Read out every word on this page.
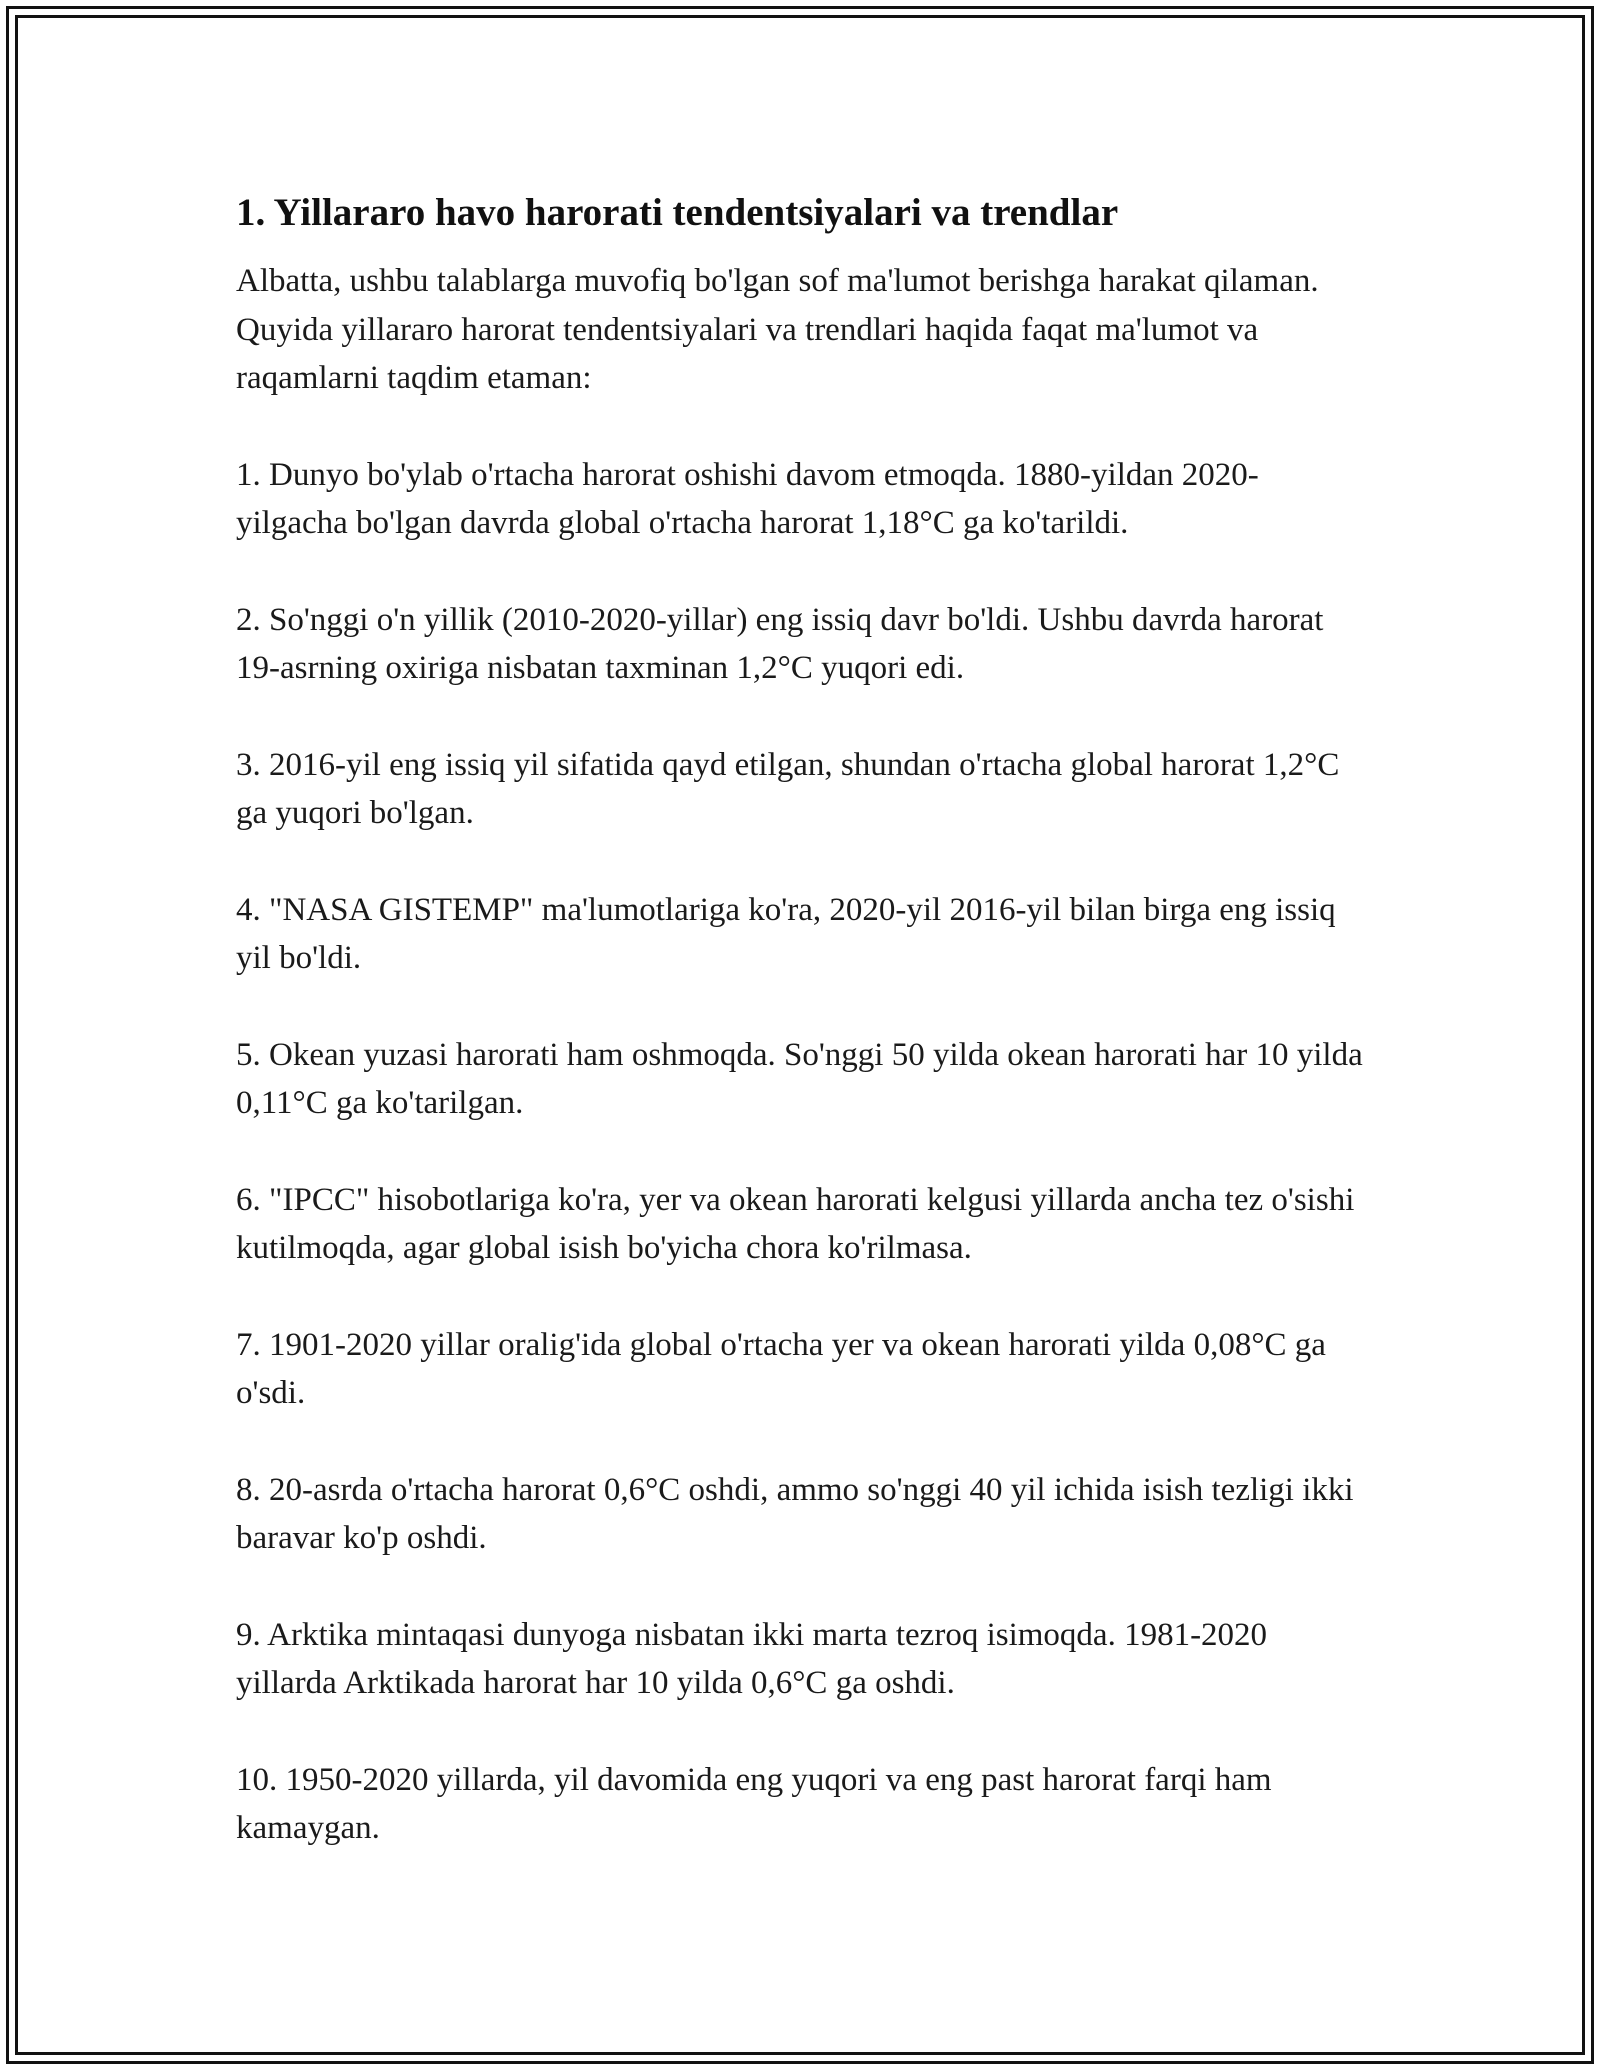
1. Yillararo havo harorati tendentsiyalari va trendlar

Albatta, ushbu talablarga muvofiq bo'lgan sof ma'lumot berishga harakat qilaman. Quyida yillararo harorat tendentsiyalari va trendlari haqida faqat ma'lumot va raqamlarni taqdim etaman:

1. Dunyo bo'ylab o'rtacha harorat oshishi davom etmoqda. 1880-yildan 2020-yilgacha bo'lgan davrda global o'rtacha harorat 1,18°C ga ko'tarildi.

2. So'nggi o'n yillik (2010-2020-yillar) eng issiq davr bo'ldi. Ushbu davrda harorat 19-asrning oxiriga nisbatan taxminan 1,2°C yuqori edi.

3. 2016-yil eng issiq yil sifatida qayd etilgan, shundan o'rtacha global harorat 1,2°C ga yuqori bo'lgan.

4. "NASA GISTEMP" ma'lumotlariga ko'ra, 2020-yil 2016-yil bilan birga eng issiq yil bo'ldi.

5. Okean yuzasi harorati ham oshmoqda. So'nggi 50 yilda okean harorati har 10 yilda 0,11°C ga ko'tarilgan.

6. "IPCC" hisobotlariga ko'ra, yer va okean harorati kelgusi yillarda ancha tez o'sishi kutilmoqda, agar global isish bo'yicha chora ko'rilmasa.

7. 1901-2020 yillar oralig'ida global o'rtacha yer va okean harorati yilda 0,08°C ga o'sdi.

8. 20-asrda o'rtacha harorat 0,6°C oshdi, ammo so'nggi 40 yil ichida isish tezligi ikki baravar ko'p oshdi.

9. Arktika mintaqasi dunyoga nisbatan ikki marta tezroq isimoqda. 1981-2020 yillarda Arktikada harorat har 10 yilda 0,6°C ga oshdi.

10. 1950-2020 yillarda, yil davomida eng yuqori va eng past harorat farqi ham kamaygan.
